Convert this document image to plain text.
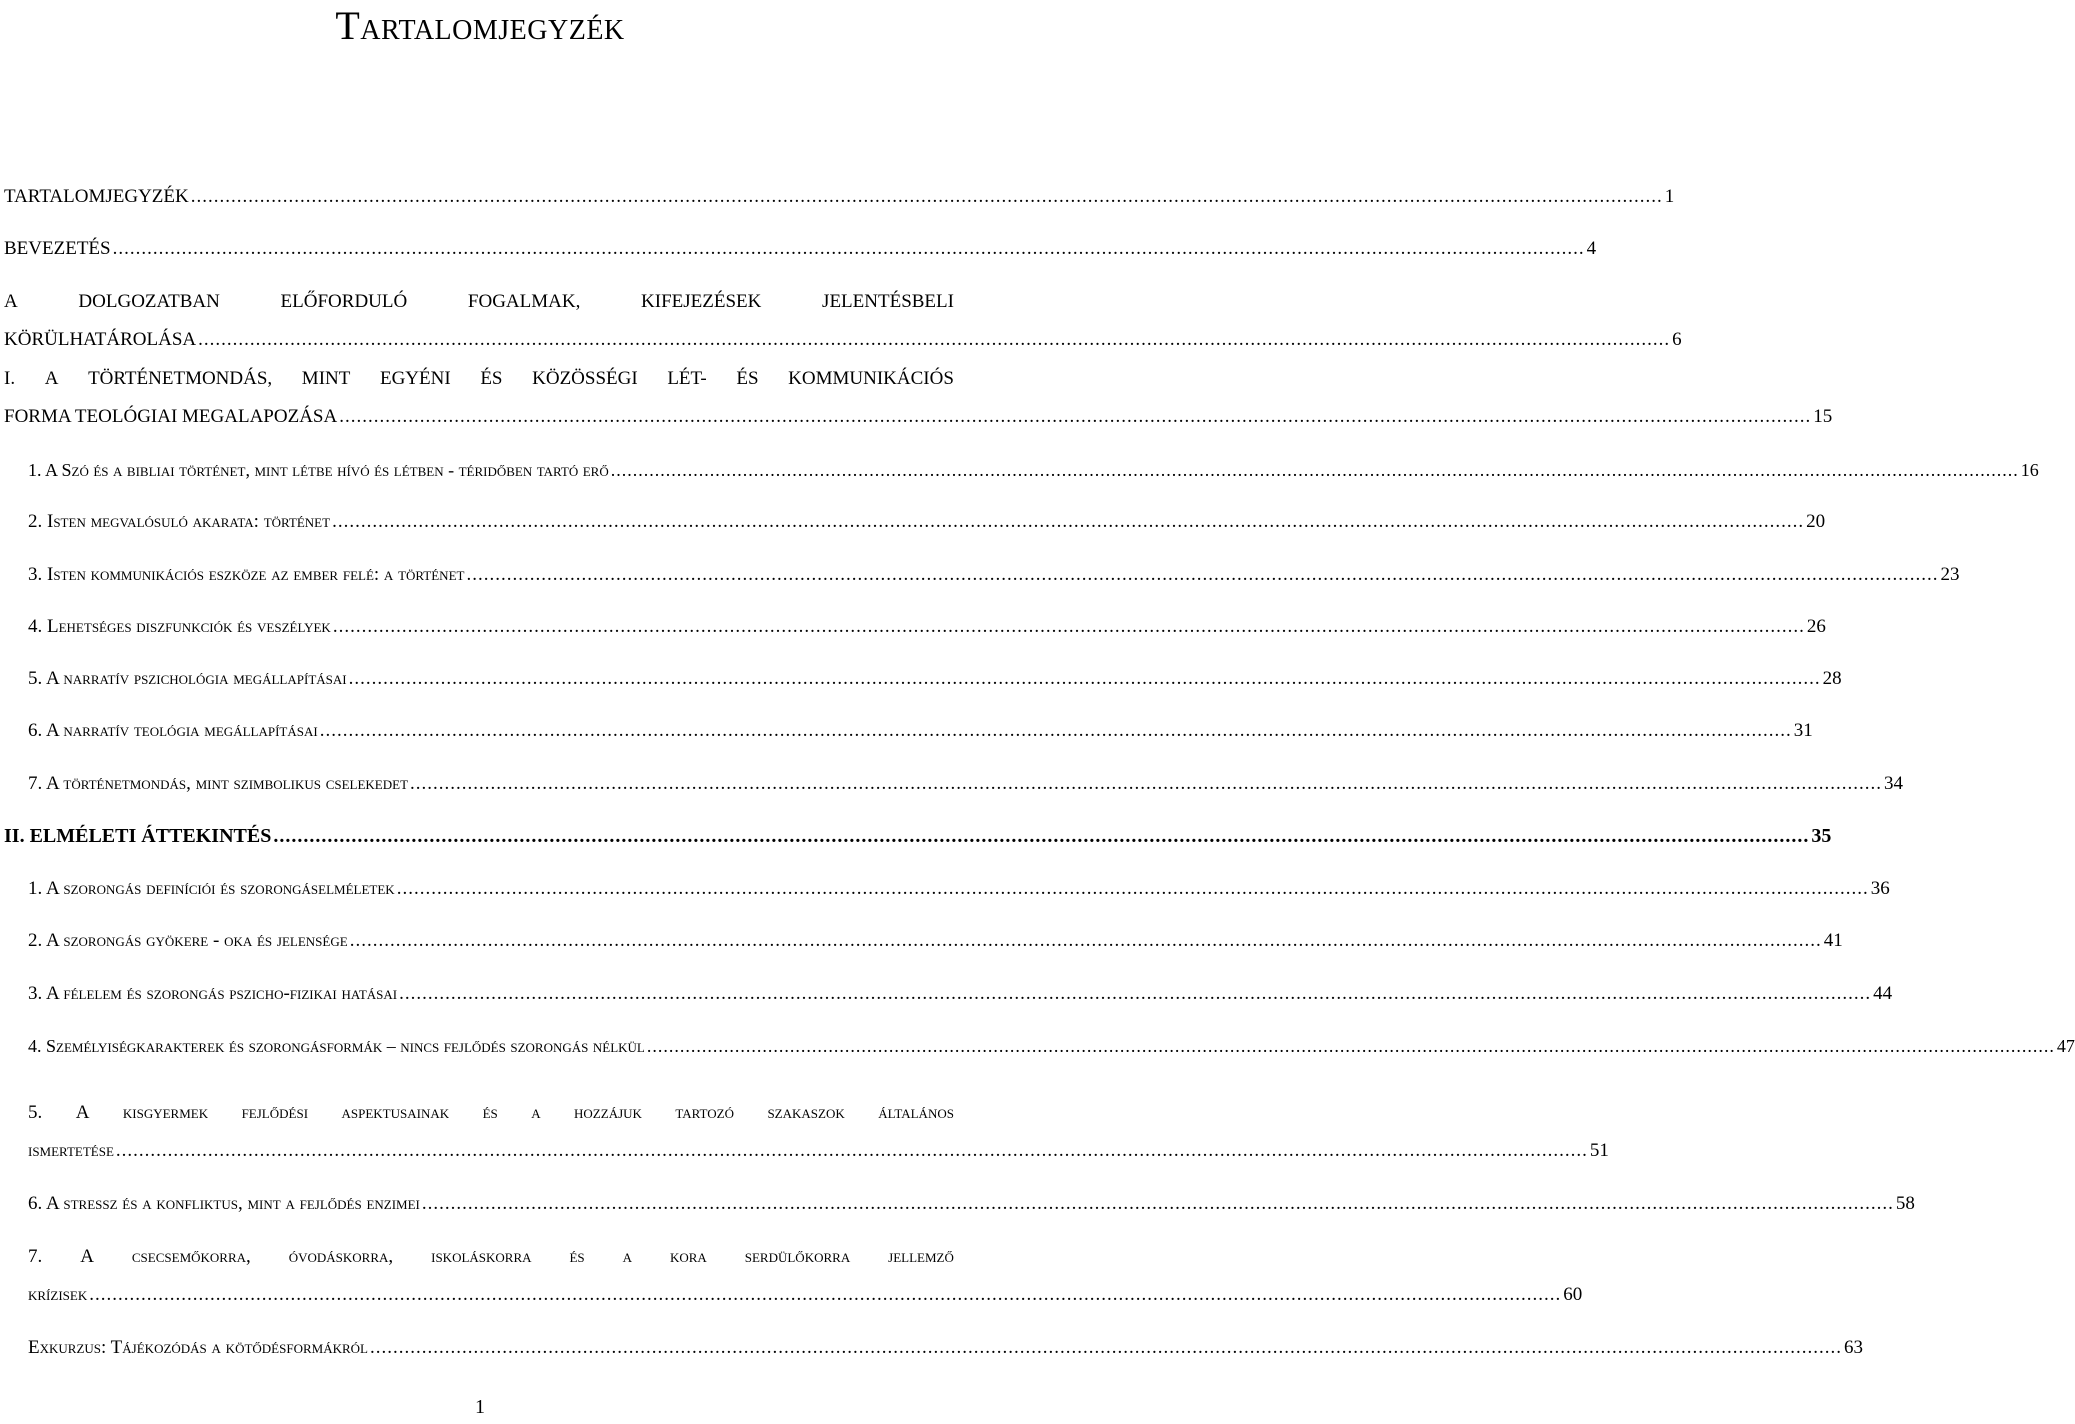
Tartalomjegyzék
TARTALOMJEGYZÉK .....	1
BEVEZETÉS .....	4
A	DOLGOZATBAN	ELŐFORDULÓ	FOGALMAK,	KIFEJEZÉSEK	JELENTÉSBELI
KÖRÜLHATÁROLÁSA .....	6
I. A TÖRTÉNETMONDÁS, MINT EGYÉNI ÉS KÖZÖSSÉGI LÉT- ÉS KOMMUNIKÁCIÓS
FORMA TEOLÓGIAI MEGALAPOZÁSA .....	15
1. A Szó és a bibliai történet, mint létbe hívó és létben - téridőben tartó erő .....	16
2. Isten megvalósuló akarata: történet .....	20
3. Isten kommunikációs eszköze az ember felé: a történet .....	23
4. Lehetséges diszfunkciók és veszélyek .....	26
5. A narratív pszichológia megállapításai .....	28
6. A narratív teológia megállapításai .....	31
7. A történetmondás, mint szimbolikus cselekedet .....	34
II. ELMÉLETI ÁTTEKINTÉS .....	35
1. A szorongás definíciói és szorongáselméletek .....	36
2. A szorongás gyökere - oka és jelensége .....	41
3. A félelem és szorongás pszicho-fizikai hatásai .....	44
4. Személyiségkarakterek és szorongásformák – nincs fejlődés szorongás nélkül .....	47
5. A kisgyermek fejlődési aspektusainak és a hozzájuk tartozó szakaszok általános
ismertetése .....	51
6. A stressz és a konfliktus, mint a fejlődés enzimei .....	58
7. A csecsemőkorra, óvodáskorra, iskoláskorra és a kora serdülőkorra jellemző
krízisek .....	60
Exkurzus: Tájékozódás a kötődésformákról .....	63
1
